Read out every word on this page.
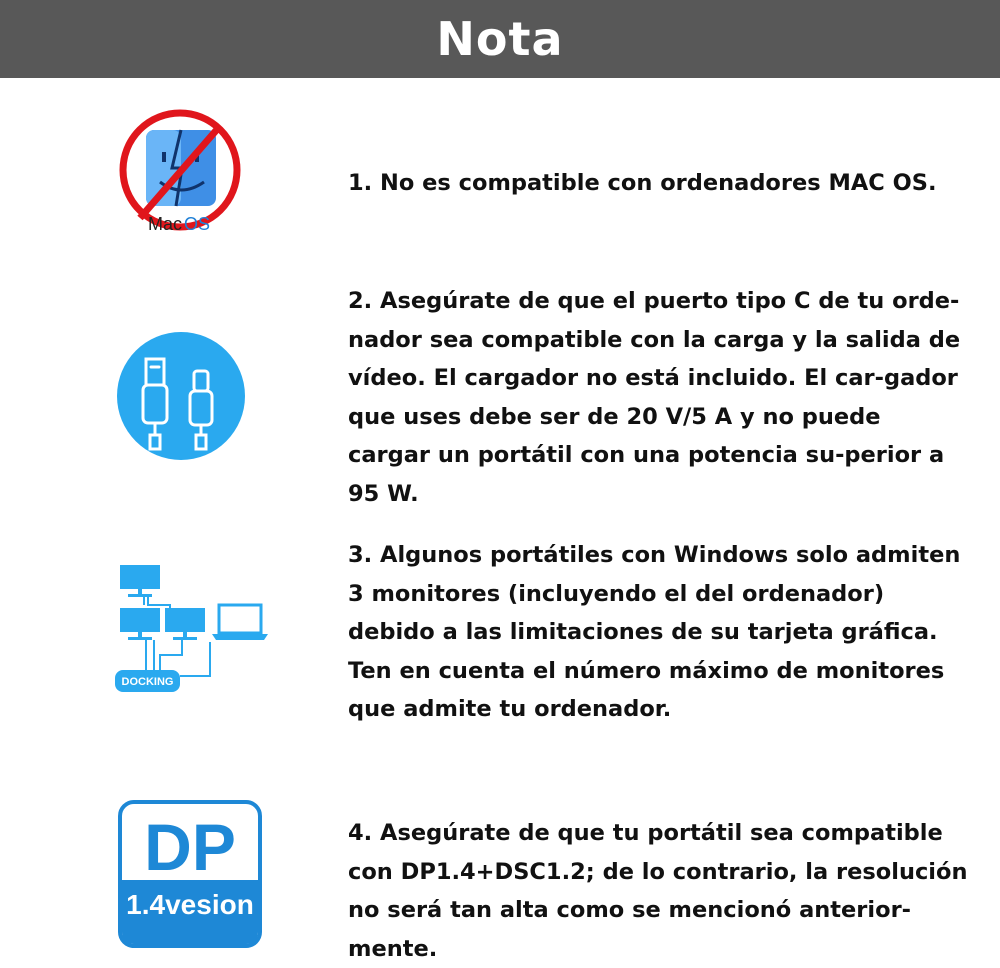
Nota
Mac OS

1. No es compatible con ordenadores MAC OS.

2. Asegúrate de que el puerto tipo C de tu orde-nador sea compatible con la carga y la salida de vídeo. El cargador no está incluido. El car-gador que uses debe ser de 20 V/5 A y no puede cargar un portátil con una potencia su-perior a 95 W.

DOCKING

3. Algunos portátiles con Windows solo admiten 3 monitores (incluyendo el del ordenador) debido a las limitaciones de su tarjeta gráfica. Ten en cuenta el número máximo de monitores que admite tu ordenador.

DP
1.4vesion

4. Asegúrate de que tu portátil sea compatible con DP1.4+DSC1.2; de lo contrario, la resolución no será tan alta como se mencionó anterior-mente.
